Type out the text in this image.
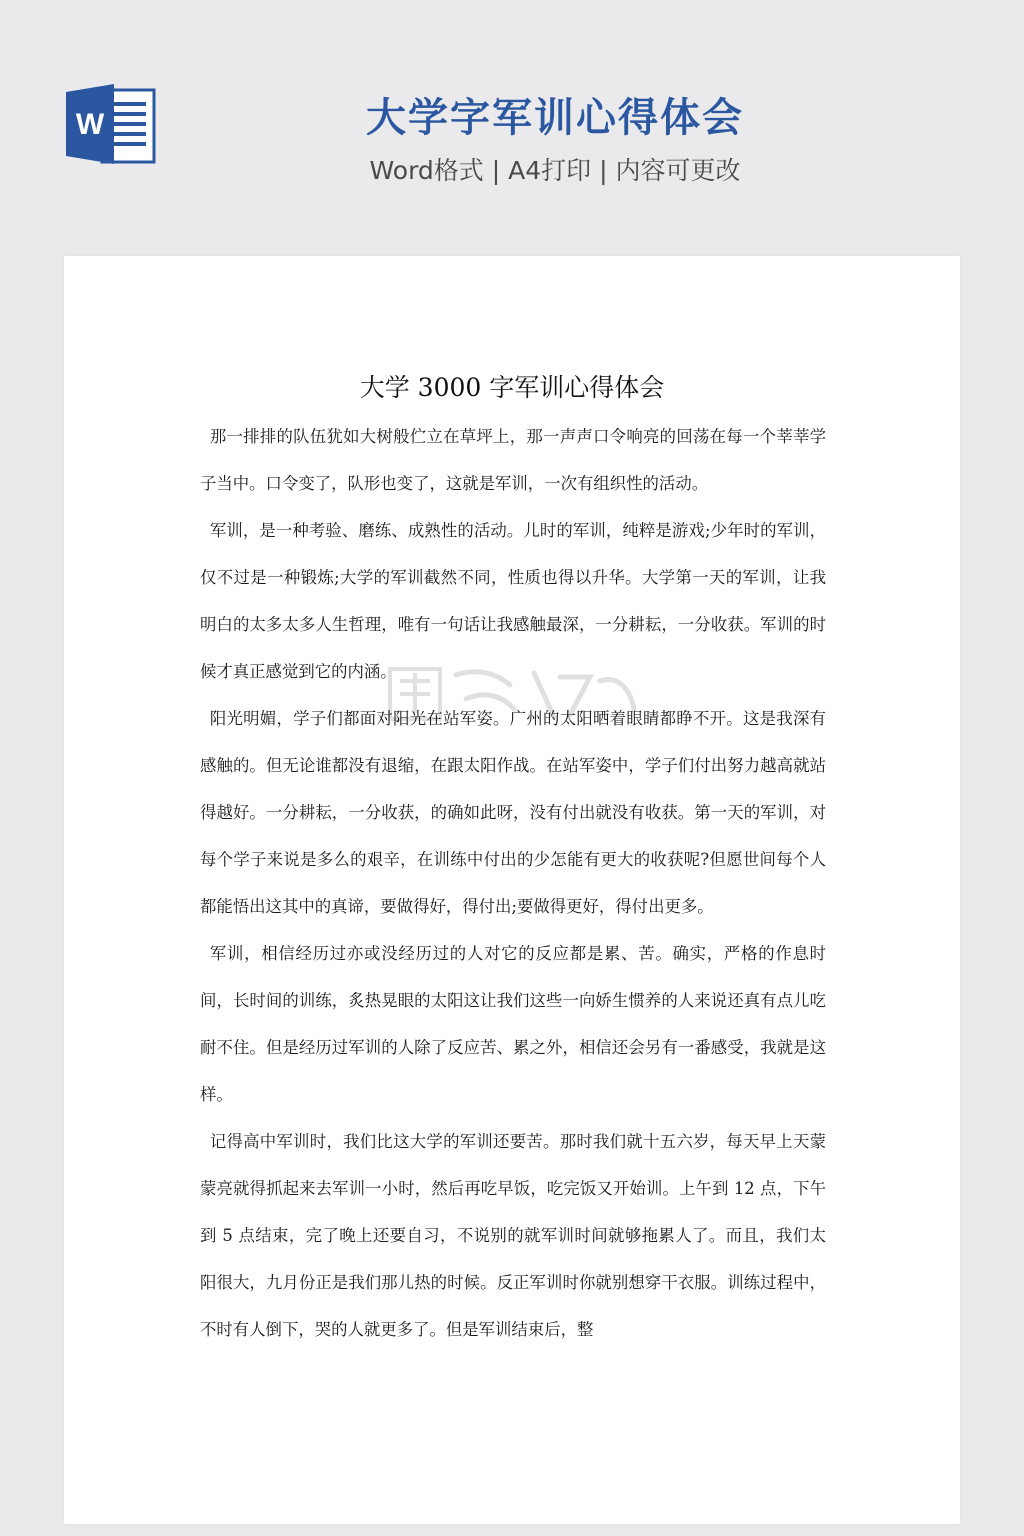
W	大学字军训心得体会
Word格式 | A4打印 | 内容可更改
大学 3000 字军训心得体会

那一排排的队伍犹如大树般伫立在草坪上，那一声声口令响亮的回荡在每一个莘莘学子当中。口令变了，队形也变了，这就是军训，一次有组织性的活动。

军训，是一种考验、磨练、成熟性的活动。儿时的军训，纯粹是游戏;少年时的军训，仅不过是一种锻炼;大学的军训截然不同，性质也得以升华。大学第一天的军训，让我明白的太多太多人生哲理，唯有一句话让我感触最深，一分耕耘，一分收获。军训的时候才真正感觉到它的内涵。

阳光明媚，学子们都面对阳光在站军姿。广州的太阳晒着眼睛都睁不开。这是我深有感触的。但无论谁都没有退缩，在跟太阳作战。在站军姿中，学子们付出努力越高就站得越好。一分耕耘，一分收获，的确如此呀，没有付出就没有收获。第一天的军训，对每个学子来说是多么的艰辛，在训练中付出的少怎能有更大的收获呢?但愿世间每个人都能悟出这其中的真谛，要做得好，得付出;要做得更好，得付出更多。

军训，相信经历过亦或没经历过的人对它的反应都是累、苦。确实，严格的作息时间，长时间的训练，炙热晃眼的太阳这让我们这些一向娇生惯养的人来说还真有点儿吃耐不住。但是经历过军训的人除了反应苦、累之外，相信还会另有一番感受，我就是这样。

记得高中军训时，我们比这大学的军训还要苦。那时我们就十五六岁，每天早上天蒙蒙亮就得抓起来去军训一小时，然后再吃早饭，吃完饭又开始训。上午到 12 点，下午到 5 点结束，完了晚上还要自习，不说别的就军训时间就够拖累人了。而且，我们太阳很大，九月份正是我们那儿热的时候。反正军训时你就别想穿干衣服。训练过程中，不时有人倒下，哭的人就更多了。但是军训结束后，整
